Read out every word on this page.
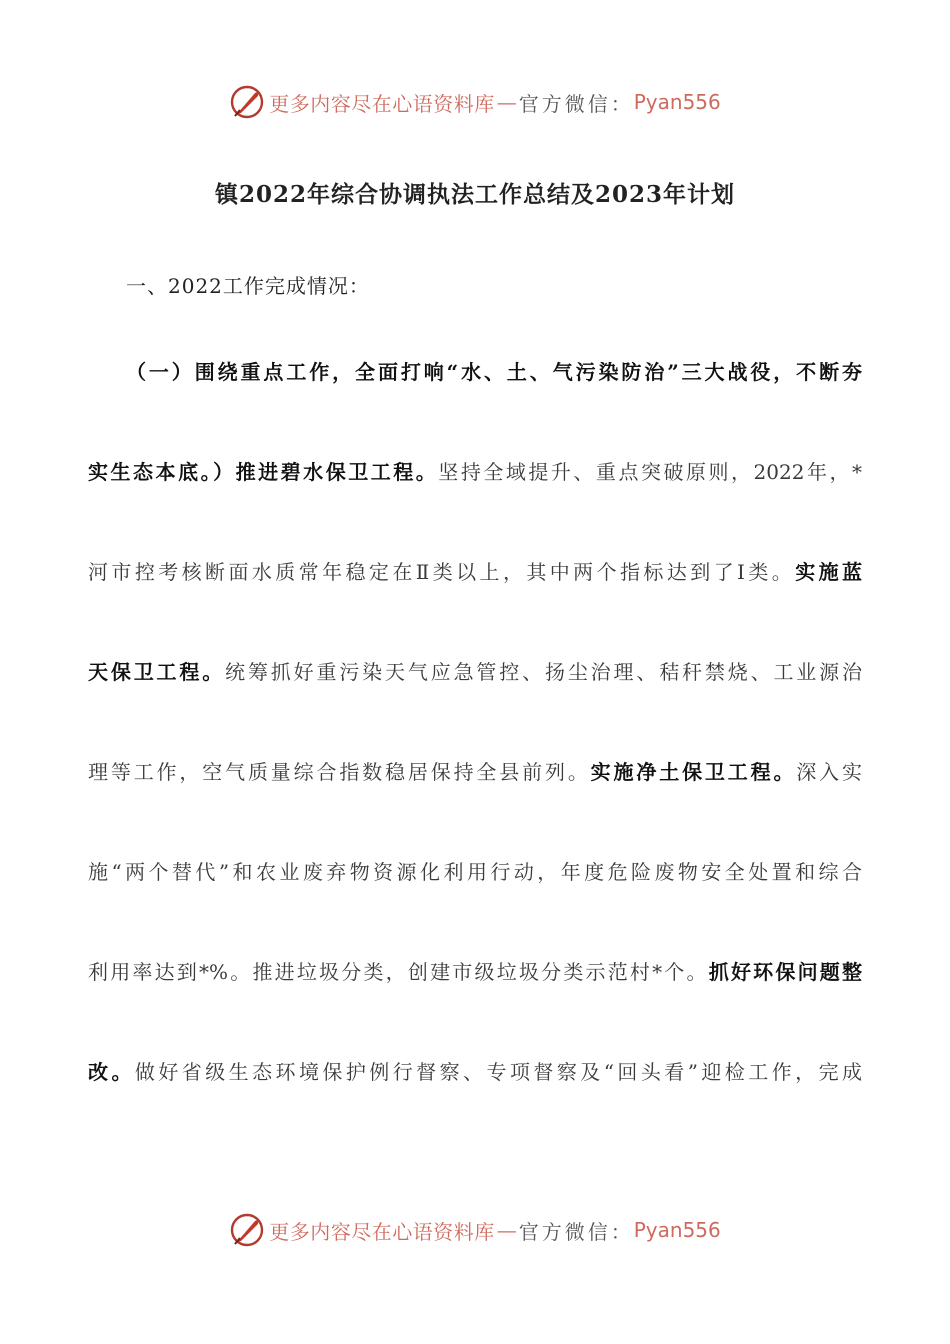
更多内容尽在心语资料库 — 官方微信： Pyan556
镇2022年综合协调执法工作总结及2023年计划
一、2022工作完成情况：
（一）围绕重点工作，全面打响“水、土、气污染防治”三大战役，不断夯
实生态本底。）推进碧水保卫工程。坚持全域提升、重点突破原则，2022年，*
河市控考核断面水质常年稳定在Ⅱ类以上，其中两个指标达到了Ⅰ类。实施蓝
天保卫工程。统筹抓好重污染天气应急管控、扬尘治理、秸秆禁烧、工业源治
理等工作，空气质量综合指数稳居保持全县前列。实施净土保卫工程。深入实
施“两个替代”和农业废弃物资源化利用行动，年度危险废物安全处置和综合
利用率达到*%。推进垃圾分类，创建市级垃圾分类示范村*个。抓好环保问题整
改。做好省级生态环境保护例行督察、专项督察及“回头看”迎检工作，完成
更多内容尽在心语资料库 — 官方微信： Pyan556
